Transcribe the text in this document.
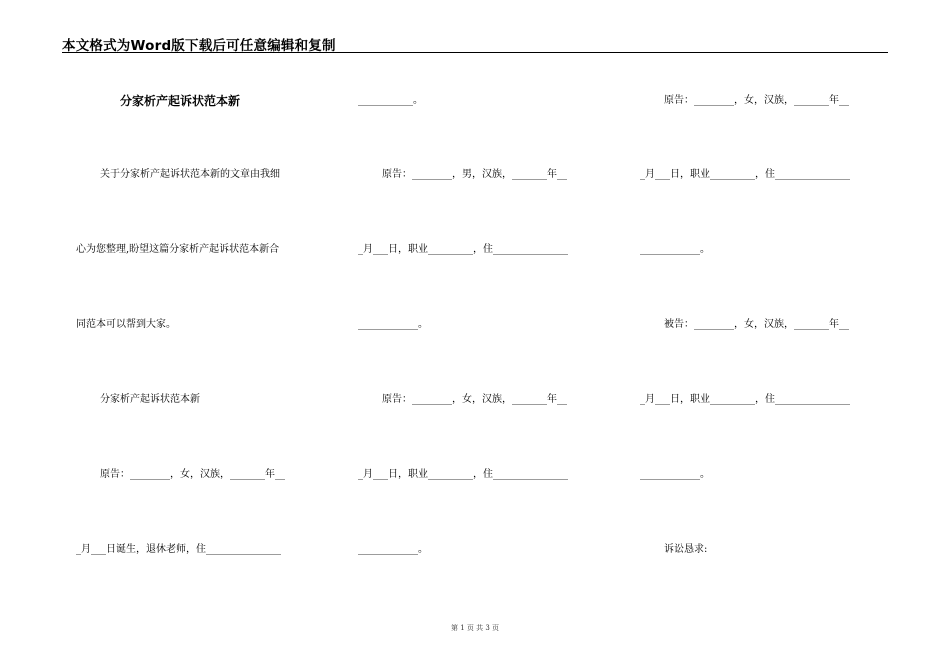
本文格式为Word版下载后可任意编辑和复制
分家析产起诉状范本新
关于分家析产起诉状范本新的文章由我细
心为您整理,盼望这篇分家析产起诉状范本新合
同范本可以帮到大家。
分家析产起诉状范本新
原告：________，女，汉族，_______年__
_月___日诞生，退休老师，住_______________
___________。
原告：________，男，汉族，_______年__
_月___日，职业_________，住_______________
____________。
原告：________，女，汉族，_______年__
_月___日，职业_________，住_______________
____________。
原告：________，女，汉族，_______年__
_月___日，职业_________，住_______________
____________。
被告：________，女，汉族，_______年__
_月___日，职业_________，住_______________
____________。
诉讼恳求:
第 1 页 共 3 页
